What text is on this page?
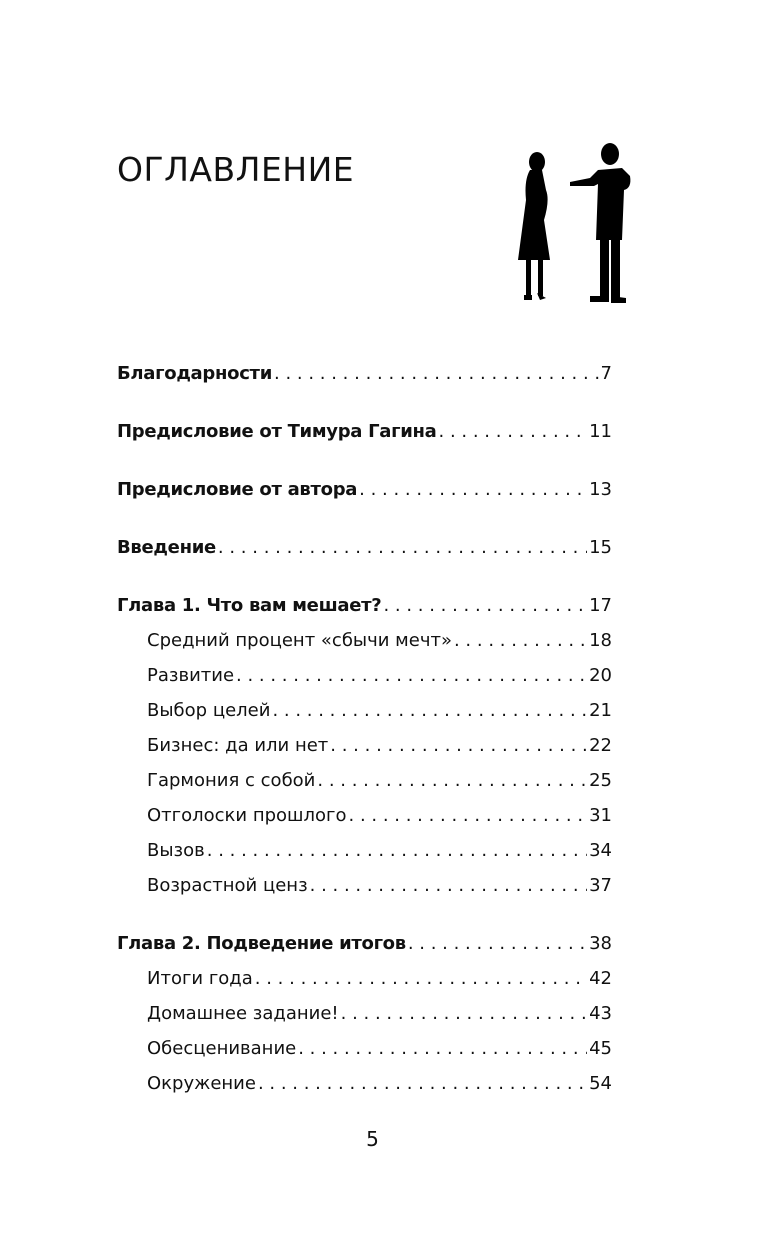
ОГЛАВЛЕНИЕ
Благодарности . . .	7
Предисловие от Тимура Гагина . . .	11
Предисловие от автора . . .	13
Введение . . .	15
Глава 1. Что вам мешает? . . .	17
Средний процент «сбычи мечт» . . .	18
Развитие . . .	20
Выбор целей . . .	21
Бизнес: да или нет . . .	22
Гармония с собой . . .	25
Отголоски прошлого . . .	31
Вызов . . .	34
Возрастной ценз . . .	37
Глава 2. Подведение итогов . . .	38
Итоги года . . .	42
Домашнее задание! . . .	43
Обесценивание . . .	45
Окружение . . .	54
5
